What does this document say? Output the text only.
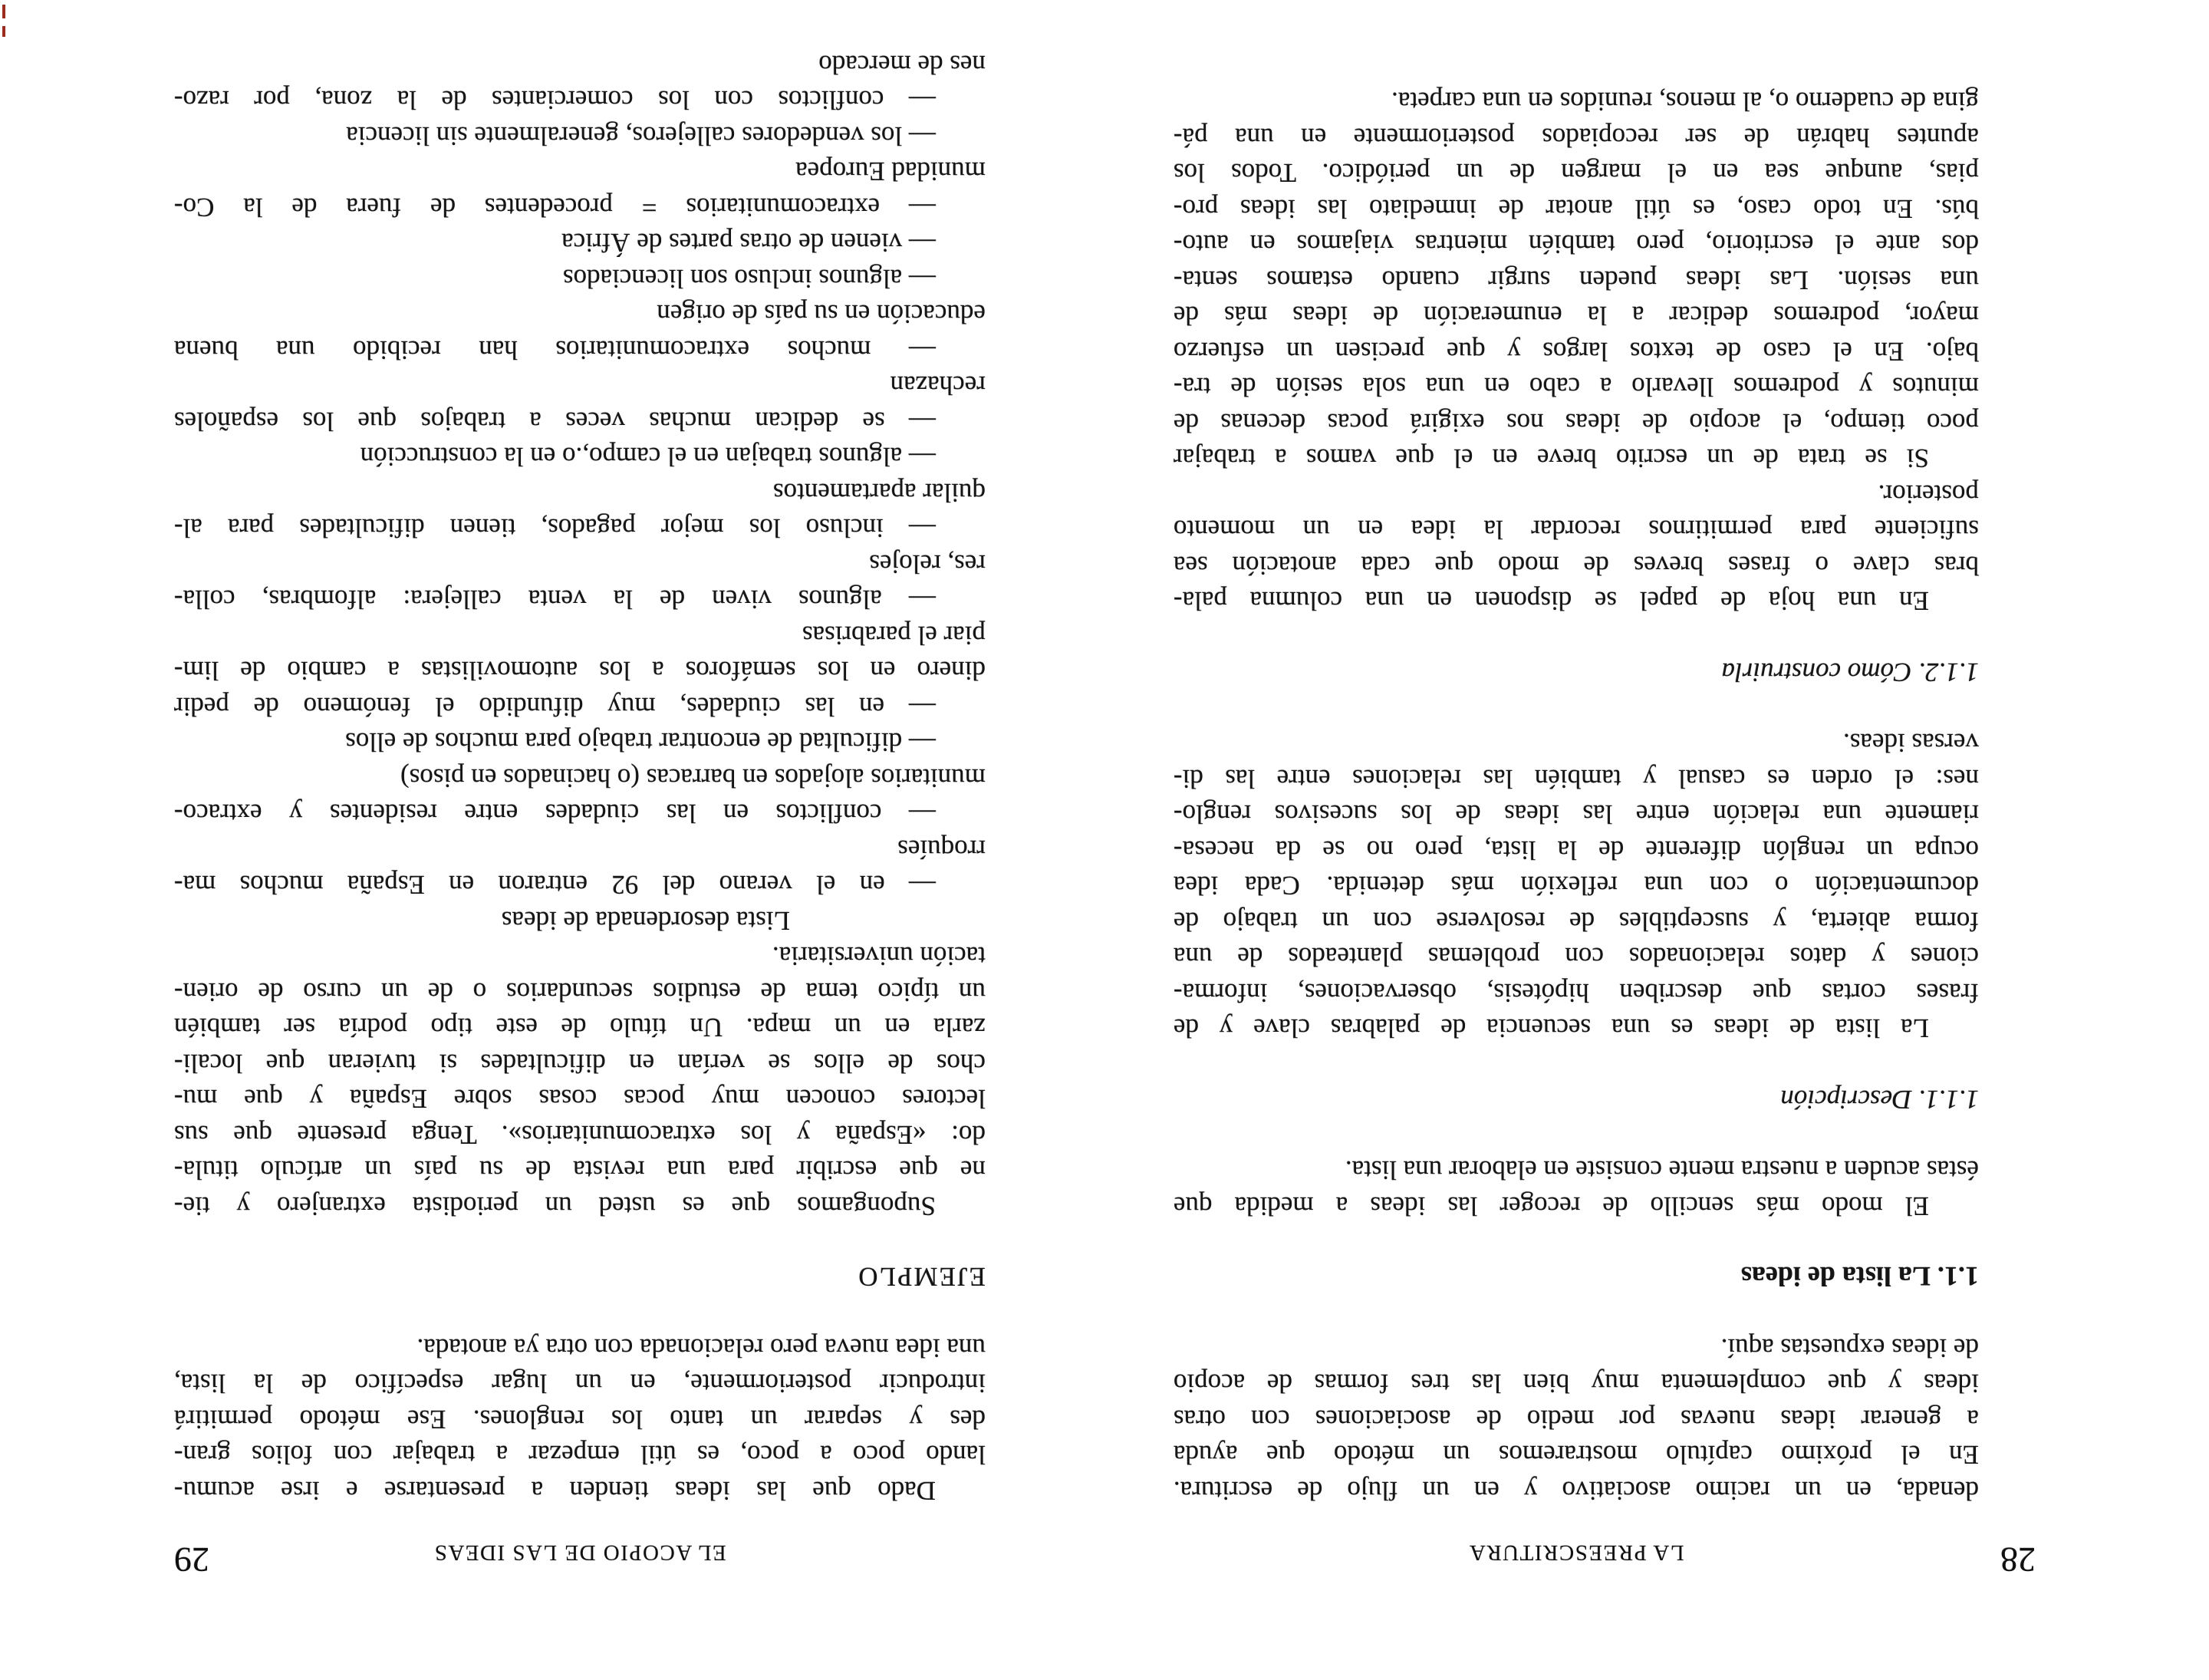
28
LA PREESCRITURA
denada, en un racimo asociativo y en un flujo de escritura.
En el próximo capítulo mostraremos un método que ayuda
a generar ideas nuevas por medio de asociaciones con otras
ideas y que complementa muy bien las tres formas de acopio
de ideas expuestas aquí.
1.1. La lista de ideas
El modo más sencillo de recoger las ideas a medida que
éstas acuden a nuestra mente consiste en elaborar una lista.
1.1.1. Descripción
La lista de ideas es una secuencia de palabras clave y de
frases cortas que describen hipótesis, observaciones, informa-
ciones y datos relacionados con problemas planteados de una
forma abierta, y susceptibles de resolverse con un trabajo de
documentación o con una reflexión más detenida. Cada idea
ocupa un renglón diferente de la lista, pero no se da necesa-
riamente una relación entre las ideas de los sucesivos renglo-
nes: el orden es casual y también las relaciones entre las di-
versas ideas.
1.1.2. Cómo construirla
En una hoja de papel se disponen en una columna pala-
bras clave o frases breves de modo que cada anotación sea
suficiente para permitirnos recordar la idea en un momento
posterior.
Si se trata de un escrito breve en el que vamos a trabajar
poco tiempo, el acopio de ideas nos exigirá pocas decenas de
minutos y podremos llevarlo a cabo en una sola sesión de tra-
bajo. En el caso de textos largos y que precisen un esfuerzo
mayor, podremos dedicar a la enumeración de ideas más de
una sesión. Las ideas pueden surgir cuando estamos senta-
dos ante el escritorio, pero también mientras viajamos en auto-
bús. En todo caso, es útil anotar de inmediato las ideas pro-
pias, aunque sea en el margen de un periódico. Todos los
apuntes habrán de ser recopiados posteriormente en una pá-
gina de cuaderno o, al menos, reunidos en una carpeta.
EL ACOPIO DE LAS IDEAS
29
Dado que las ideas tienden a presentarse e irse acumu-
lando poco a poco, es útil empezar a trabajar con folios gran-
des y separar un tanto los renglones. Ese método permitirá
introducir posteriormente, en un lugar específico de la lista,
una idea nueva pero relacionada con otra ya anotada.
EJEMPLO
Supongamos que es usted un periodista extranjero y tie-
ne que escribir para una revista de su país un artículo titula-
do: «España y los extracomunitarios». Tenga presente que sus
lectores conocen muy pocas cosas sobre España y que mu-
chos de ellos se verían en dificultades si tuvieran que locali-
zarla en un mapa. Un título de este tipo podría ser también
un típico tema de estudios secundarios o de un curso de orien-
tación universitaria.
Lista desordenada de ideas
— en el verano del 92 entraron en España muchos ma-
rroquíes
— conflictos en las ciudades entre residentes y extraco-
munitarios alojados en barracas (o hacinados en pisos)
— dificultad de encontrar trabajo para muchos de ellos
— en las ciudades, muy difundido el fenómeno de pedir
dinero en los semáforos a los automovilistas a cambio de lim-
piar el parabrisas
— algunos viven de la venta callejera: alfombras, colla-
res, relojes
— incluso los mejor pagados, tienen dificultades para al-
quilar apartamentos
— algunos trabajan en el campo,.o en la construcción
— se dedican muchas veces a trabajos que los españoles
rechazan
— muchos extracomunitarios han recibido una buena
educación en su país de origen
— algunos incluso son licenciados
— vienen de otras partes de África
— extracomunitarios = procedentes de fuera de la Co-
munidad Europea
— los vendedores callejeros, generalmente sin licencia
— conflictos con los comerciantes de la zona, por razo-
nes de mercado
